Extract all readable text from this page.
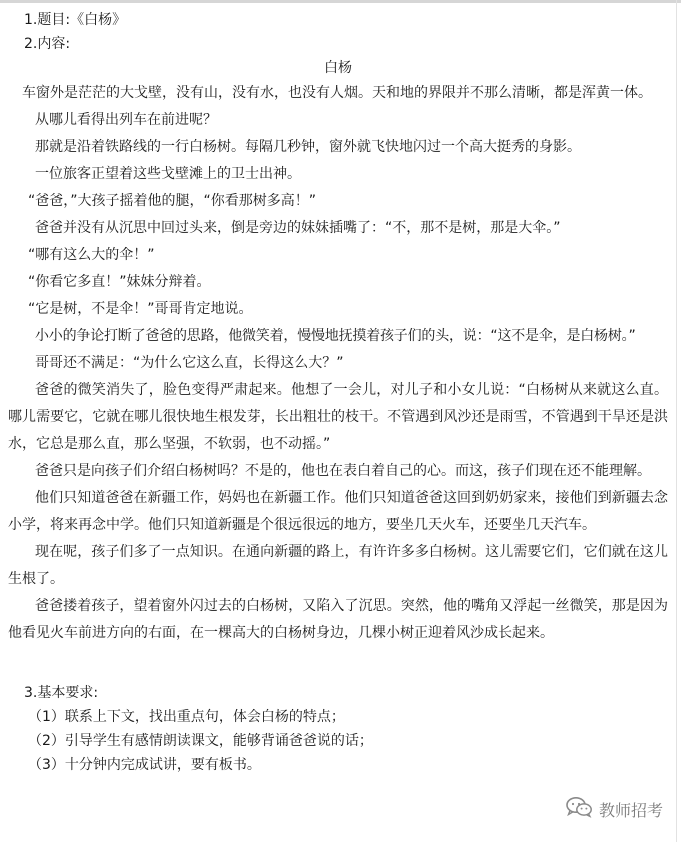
1.题目:《白杨》
2.内容:
白杨
车窗外是茫茫的大戈壁，没有山，没有水，也没有人烟。天和地的界限并不那么清晰，都是浑黄一体。
从哪儿看得出列车在前进呢？
那就是沿着铁路线的一行白杨树。每隔几秒钟，窗外就飞快地闪过一个高大挺秀的身影。
一位旅客正望着这些戈壁滩上的卫士出神。
“爸爸，”大孩子摇着他的腿，“你看那树多高！”
爸爸并没有从沉思中回过头来，倒是旁边的妹妹插嘴了：“不，那不是树，那是大伞。”
“哪有这么大的伞！”
“你看它多直！”妹妹分辩着。
“它是树，不是伞！”哥哥肯定地说。
小小的争论打断了爸爸的思路，他微笑着，慢慢地抚摸着孩子们的头，说：“这不是伞，是白杨树。”
哥哥还不满足：“为什么它这么直，长得这么大？”
爸爸的微笑消失了，脸色变得严肃起来。他想了一会儿，对儿子和小女儿说：“白杨树从来就这么直。哪儿需要它，它就在哪儿很快地生根发芽，长出粗壮的枝干。不管遇到风沙还是雨雪，不管遇到干旱还是洪水，它总是那么直，那么坚强，不软弱，也不动摇。”
爸爸只是向孩子们介绍白杨树吗？不是的，他也在表白着自己的心。而这，孩子们现在还不能理解。
他们只知道爸爸在新疆工作，妈妈也在新疆工作。他们只知道爸爸这回到奶奶家来，接他们到新疆去念小学，将来再念中学。他们只知道新疆是个很远很远的地方，要坐几天火车，还要坐几天汽车。
现在呢，孩子们多了一点知识。在通向新疆的路上，有许许多多白杨树。这儿需要它们，它们就在这儿生根了。
爸爸搂着孩子，望着窗外闪过去的白杨树，又陷入了沉思。突然，他的嘴角又浮起一丝微笑，那是因为他看见火车前进方向的右面，在一棵高大的白杨树身边，几棵小树正迎着风沙成长起来。
3.基本要求:
（1）联系上下文，找出重点句，体会白杨的特点；
（2）引导学生有感情朗读课文，能够背诵爸爸说的话；
（3）十分钟内完成试讲，要有板书。
教师招考
